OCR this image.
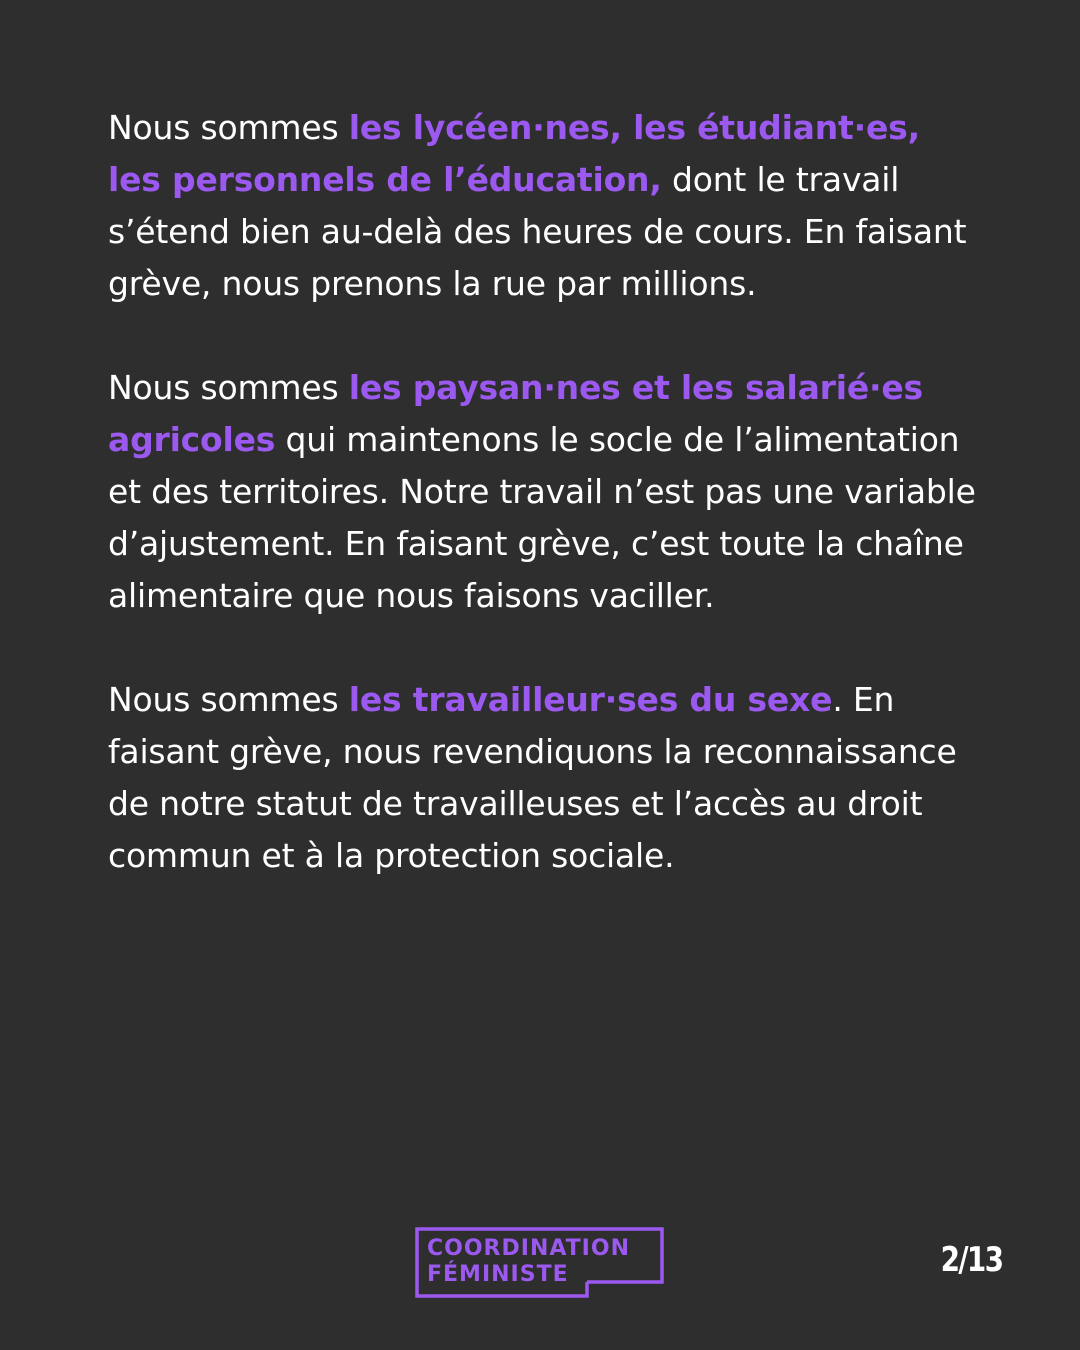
Nous sommes les lycéen·nes, les étudiant·es, les personnels de l’éducation, dont le travail s’étend bien au-delà des heures de cours. En faisant grève, nous prenons la rue par millions.

Nous sommes les paysan·nes et les salarié·es agricoles qui maintenons le socle de l’alimentation et des territoires. Notre travail n’est pas une variable d’ajustement. En faisant grève, c’est toute la chaîne alimentaire que nous faisons vaciller.

Nous sommes les travailleur·ses du sexe. En faisant grève, nous revendiquons la reconnaissance de notre statut de travailleuses et l’accès au droit commun et à la protection sociale.

COORDINATION
FÉMINISTE	2/13
